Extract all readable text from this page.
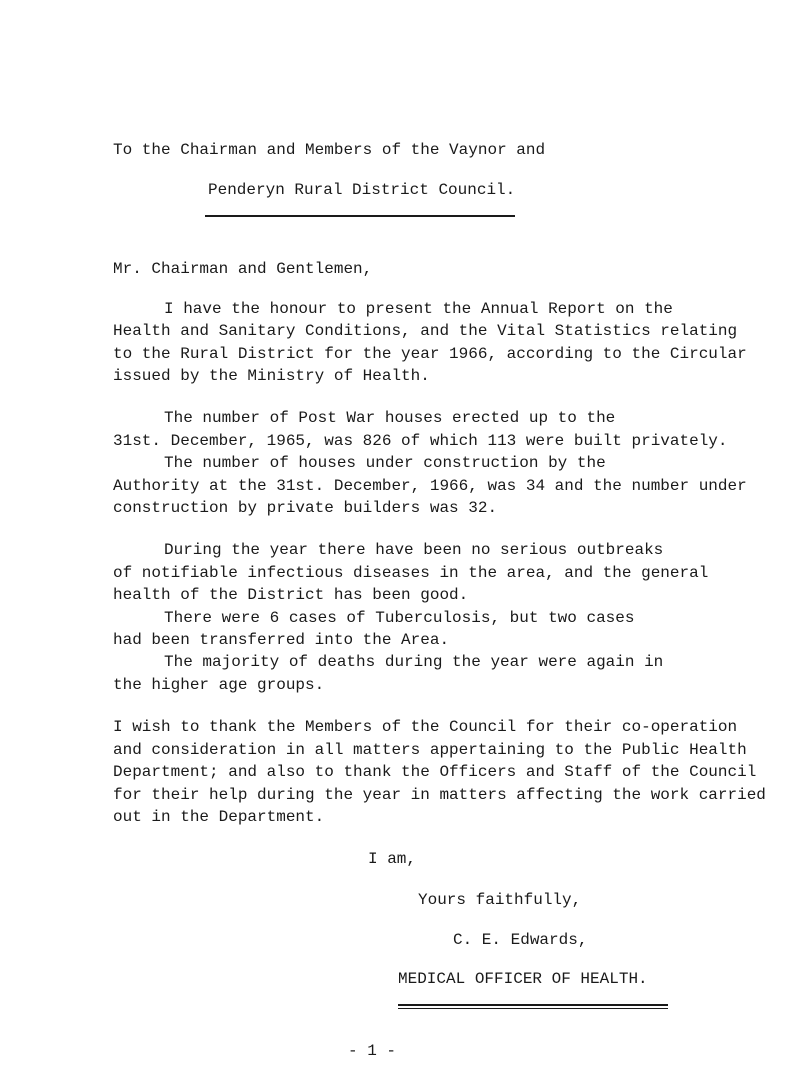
To the Chairman and Members of the Vaynor and
Penderyn Rural District Council.
Mr. Chairman and Gentlemen,
I have the honour to present the Annual Report on the
Health and Sanitary Conditions, and the Vital Statistics relating
to the Rural District for the year 1966, according to the Circular
issued by the Ministry of Health.
The number of Post War houses erected up to the
31st. December, 1965, was 826 of which 113 were built privately.
The number of houses under construction by the
Authority at the 31st. December, 1966, was 34 and the number under
construction by private builders was 32.
During the year there have been no serious outbreaks
of notifiable infectious diseases in the area, and the general
health of the District has been good.
There were 6 cases of Tuberculosis, but two cases
had been transferred into the Area.
The majority of deaths during the year were again in
the higher age groups.
I wish to thank the Members of the Council for their co-operation
and consideration in all matters appertaining to the Public Health
Department; and also to thank the Officers and Staff of the Council
for their help during the year in matters affecting the work carried
out in the Department.
I am,
Yours faithfully,
C. E. Edwards,
MEDICAL OFFICER OF HEALTH.
- 1 -
